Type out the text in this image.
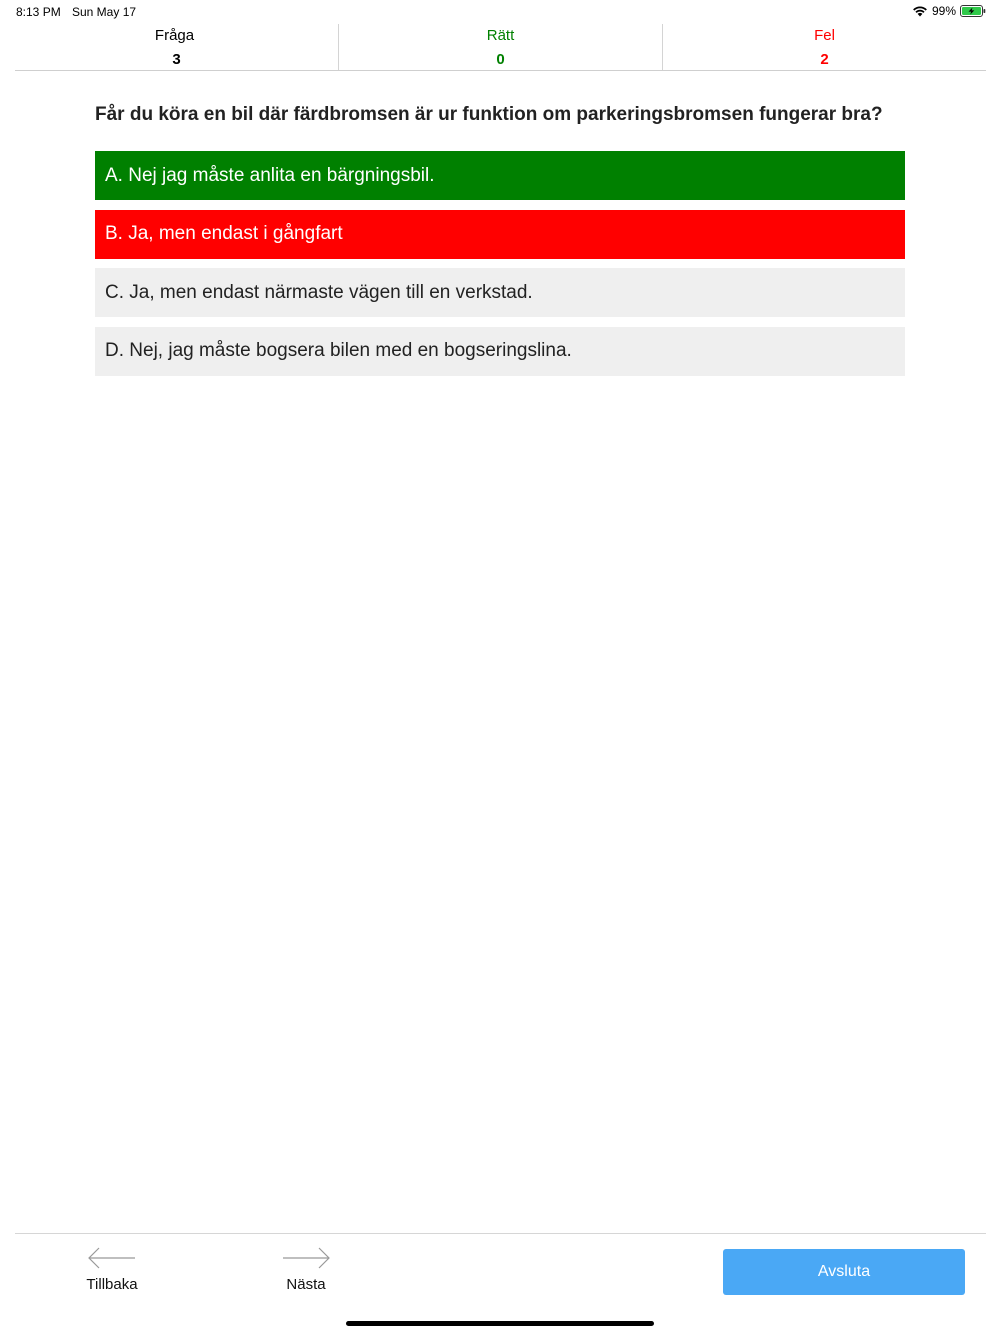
8:13 PM Sun May 17	99%
Fråga
3
Rätt
0
Fel
2
Får du köra en bil där färdbromsen är ur funktion om parkeringsbromsen fungerar bra?
A. Nej jag måste anlita en bärgningsbil.
B. Ja, men endast i gångfart
C. Ja, men endast närmaste vägen till en verkstad.
D. Nej, jag måste bogsera bilen med en bogseringslina.
Tillbaka	Nästa
Avsluta
